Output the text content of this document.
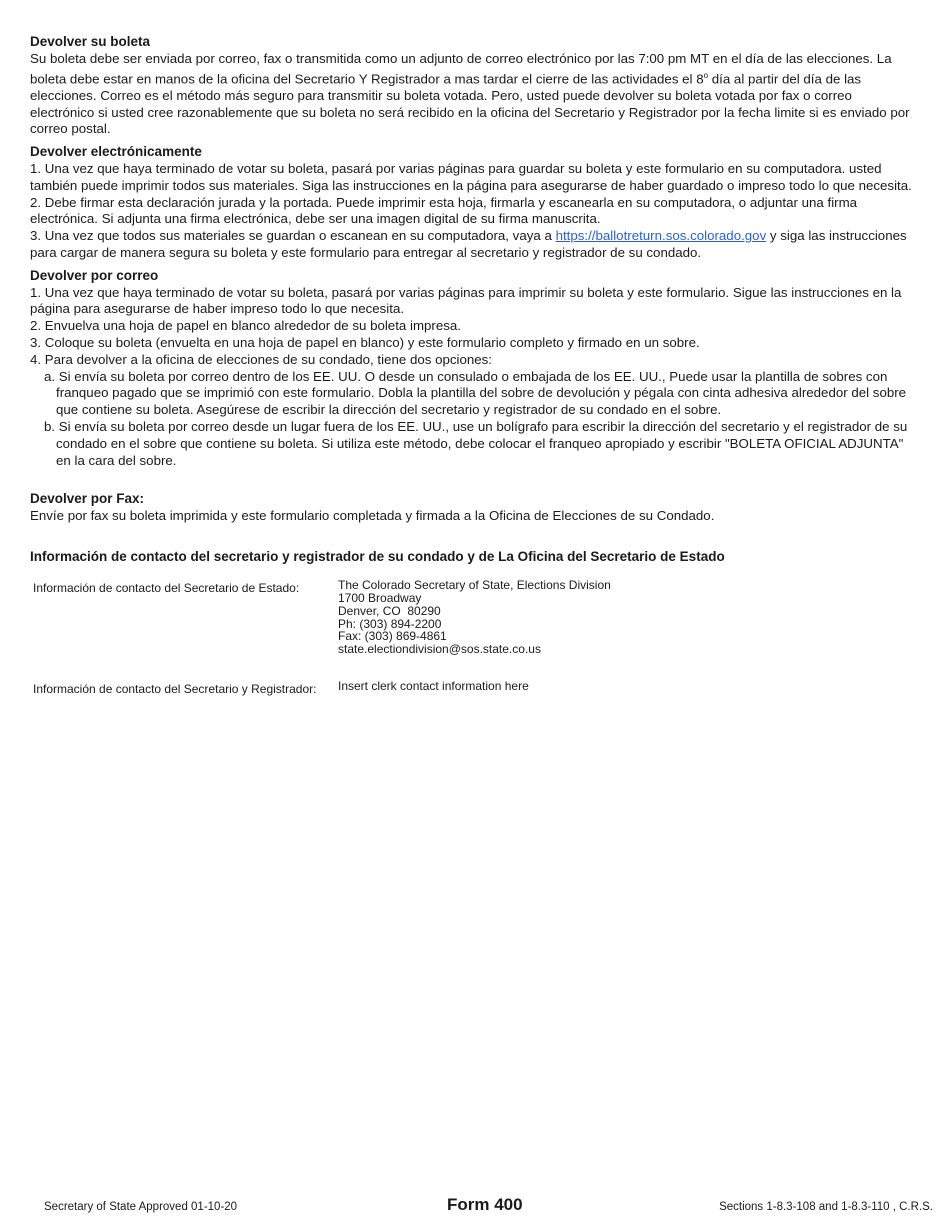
Devolver su boleta

Su boleta debe ser enviada por correo, fax o transmitida como un adjunto de correo electrónico por las 7:00 pm MT en el día de las elecciones. La boleta debe estar en manos de la oficina del Secretario Y Registrador a mas tardar el cierre de las actividades el 8$^o$ día al partir del día de las elecciones. Correo es el método más seguro para transmitir su boleta votada. Pero, usted puede devolver su boleta votada por fax o correo electrónico si usted cree razonablemente que su boleta no será recibido en la oficina del Secretario y Registrador por la fecha limite si es enviado por correo postal.

Devolver electrónicamente

1. Una vez que haya terminado de votar su boleta, pasará por varias páginas para guardar su boleta y este formulario en su computadora. usted también puede imprimir todos sus materiales. Siga las instrucciones en la página para asegurarse de haber guardado o impreso todo lo que necesita.

2. Debe firmar esta declaración jurada y la portada. Puede imprimir esta hoja, firmarla y escanearla en su computadora, o adjuntar una firma electrónica. Si adjunta una firma electrónica, debe ser una imagen digital de su firma manuscrita.

3. Una vez que todos sus materiales se guardan o escanean en su computadora, vaya a https://ballotreturn.sos.colorado.gov y siga las instrucciones para cargar de manera segura su boleta y este formulario para entregar al secretario y registrador de su condado.

Devolver por correo

1. Una vez que haya terminado de votar su boleta, pasará por varias páginas para imprimir su boleta y este formulario. Sigue las instrucciones en la página para asegurarse de haber impreso todo lo que necesita.

2. Envuelva una hoja de papel en blanco alrededor de su boleta impresa.

3. Coloque su boleta (envuelta en una hoja de papel en blanco) y este formulario completo y firmado en un sobre.

4. Para devolver a la oficina de elecciones de su condado, tiene dos opciones:

a. Si envía su boleta por correo dentro de los EE. UU. O desde un consulado o embajada de los EE. UU., Puede usar la plantilla de sobres con franqueo pagado que se imprimió con este formulario. Dobla la plantilla del sobre de devolución y pégala con cinta adhesiva alrededor del sobre que contiene su boleta. Asegúrese de escribir la dirección del secretario y registrador de su condado en el sobre.

b. Si envía su boleta por correo desde un lugar fuera de los EE. UU., use un bolígrafo para escribir la dirección del secretario y el registrador de su condado en el sobre que contiene su boleta. Si utiliza este método, debe colocar el franqueo apropiado y escribir "BOLETA OFICIAL ADJUNTA" en la cara del sobre.

Devolver por Fax:

Envíe por fax su boleta imprimida y este formulario completada y firmada a la Oficina de Elecciones de su Condado.

Información de contacto del secretario y registrador de su condado y de La Oficina del Secretario de Estado

Información de contacto del Secretario de Estado:	The Colorado Secretary of State, Elections Division
1700 Broadway
Denver, CO  80290
Ph: (303) 894-2200
Fax: (303) 869-4861
state.electiondivision@sos.state.co.us
Información de contacto del Secretario y Registrador:	Insert clerk contact information here
Secretary of State Approved 01-10-20	Form 400	Sections 1-8.3-108 and 1-8.3-110 , C.R.S.
